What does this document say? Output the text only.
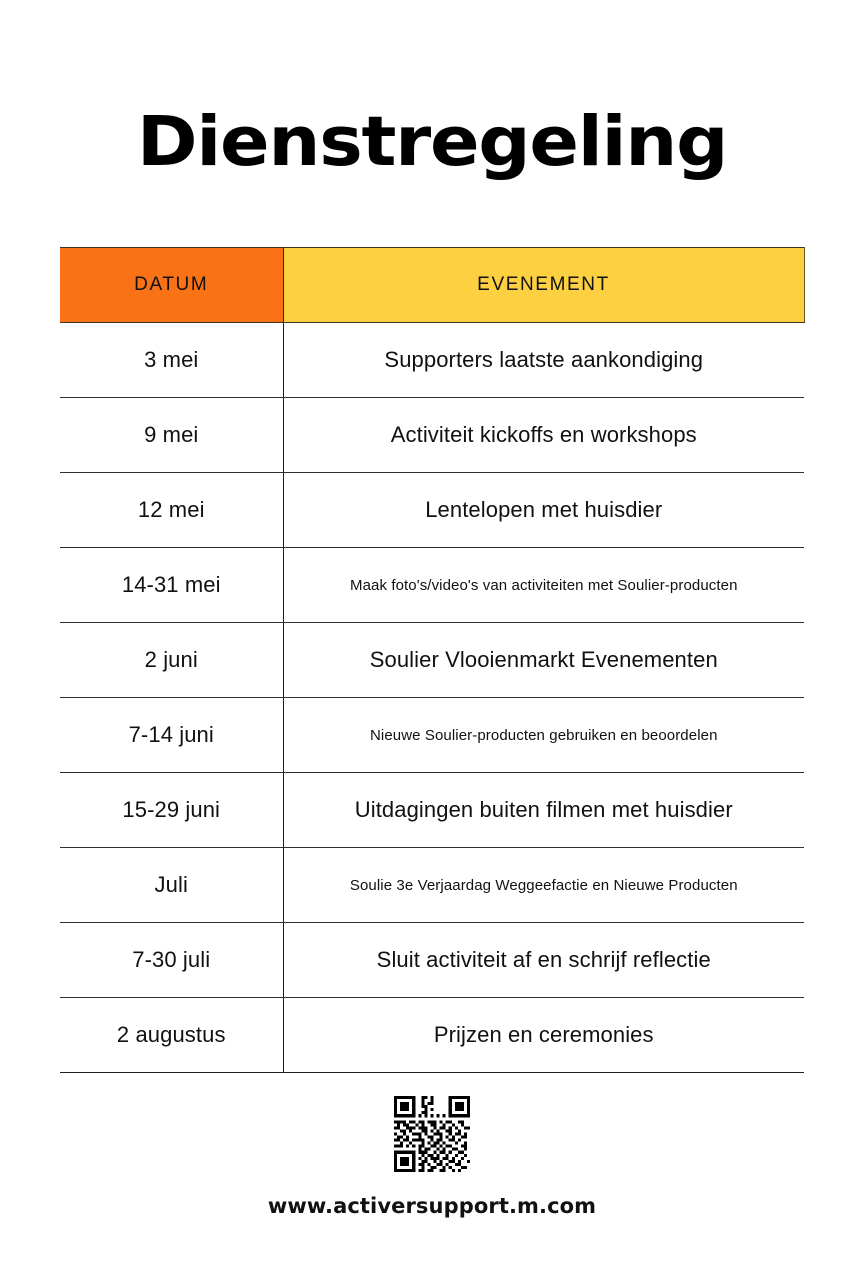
Dienstregeling
DATUM	EVENEMENT
3 mei	Supporters laatste aankondiging
9 mei	Activiteit kickoffs en workshops
12 mei	Lentelopen met huisdier
14-31 mei	Maak foto's/video's van activiteiten met Soulier-producten
2 juni	Soulier Vlooienmarkt Evenementen
7-14 juni	Nieuwe Soulier-producten gebruiken en beoordelen
15-29 juni	Uitdagingen buiten filmen met huisdier
Juli	Soulie 3e Verjaardag Weggeefactie en Nieuwe Producten
7-30 juli	Sluit activiteit af en schrijf reflectie
2 augustus	Prijzen en ceremonies
www.activersupport.m.com
